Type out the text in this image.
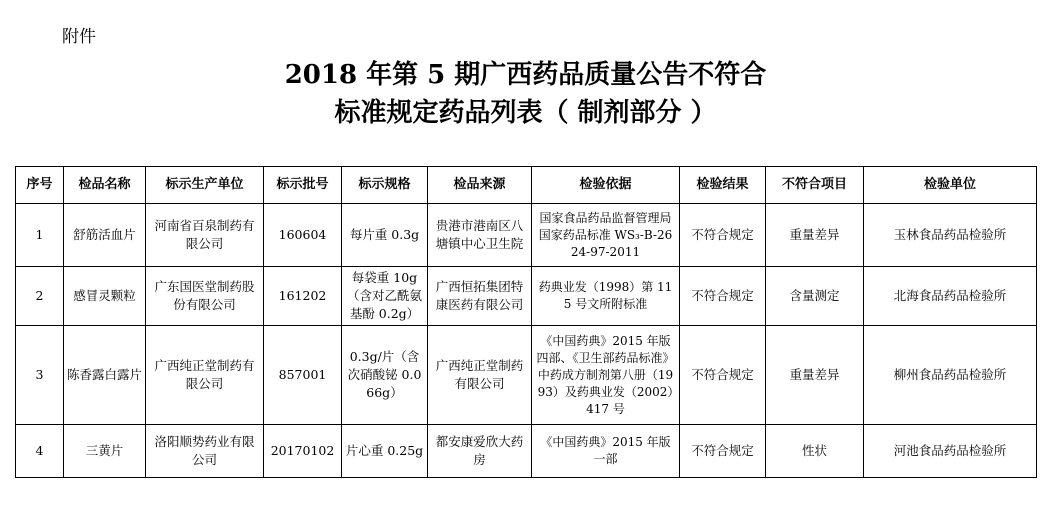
附件
2018 年第 5 期广西药品质量公告不符合
标准规定药品列表（ 制剂部分 ）
序号	检品名称	标示生产单位	标示批号	标示规格	检品来源	检验依据	检验结果	不符合项目	检验单位
1	舒筋活血片	河南省百泉制药有限公司	160604	每片重 0.3g	贵港市港南区八塘镇中心卫生院	国家食品药品监督管理局国家药品标准 WS₃-B-2624-97-2011	不符合规定	重量差异	玉林食品药品检验所
2	感冒灵颗粒	广东国医堂制药股份有限公司	161202	每袋重 10g（含对乙酰氨基酚 0.2g）	广西恒拓集团特康医药有限公司	药典业发（1998）第 115 号文所附标准	不符合规定	含量测定	北海食品药品检验所
3	陈香露白露片	广西纯正堂制药有限公司	857001	0.3g/片（含次硝酸铋 0.066g）	广西纯正堂制药有限公司	《中国药典》2015 年版四部、《卫生部药品标准》中药成方制剂第八册（1993）及药典业发（2002）417 号	不符合规定	重量差异	柳州食品药品检验所
4	三黄片	洛阳顺势药业有限公司	20170102	片心重 0.25g	都安康爱欣大药房	《中国药典》2015 年版一部	不符合规定	性状	河池食品药品检验所
